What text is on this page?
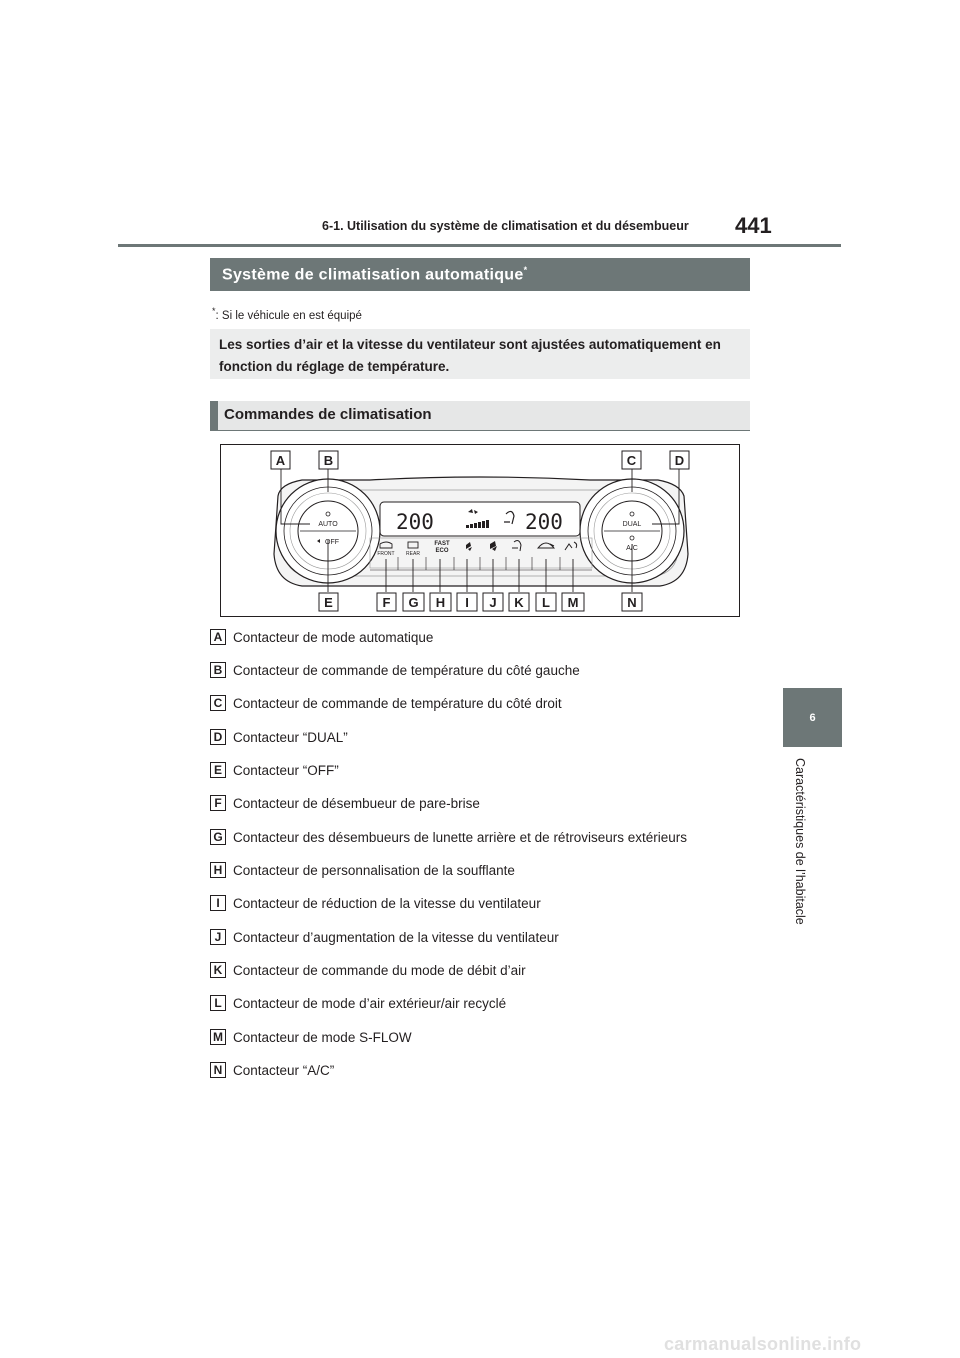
6-1. Utilisation du système de climatisation et du désembueur 441
6
Caractéristiques de l’habitacle
Système de climatisation automatique*
*: Si le véhicule en est équipé
Les sorties d’air et la vitesse du ventilateur sont ajustées automatiquement en fonction du réglage de température.
Commandes de climatisation
200	200
AUTO
OFF
DUAL
A/C
FRONT REAR
FAST
ECO
A	B	C	D
E	F G H I J K L M	N
A Contacteur de mode automatique
B Contacteur de commande de température du côté gauche
C Contacteur de commande de température du côté droit
D Contacteur “DUAL”
E Contacteur “OFF”
F Contacteur de désembueur de pare-brise
G Contacteur des désembueurs de lunette arrière et de rétroviseurs extérieurs
H Contacteur de personnalisation de la soufflante
I Contacteur de réduction de la vitesse du ventilateur
J Contacteur d’augmentation de la vitesse du ventilateur
K Contacteur de commande du mode de débit d’air
L Contacteur de mode d’air extérieur/air recyclé
M Contacteur de mode S-FLOW
N Contacteur “A/C”
carmanualsonline.info
